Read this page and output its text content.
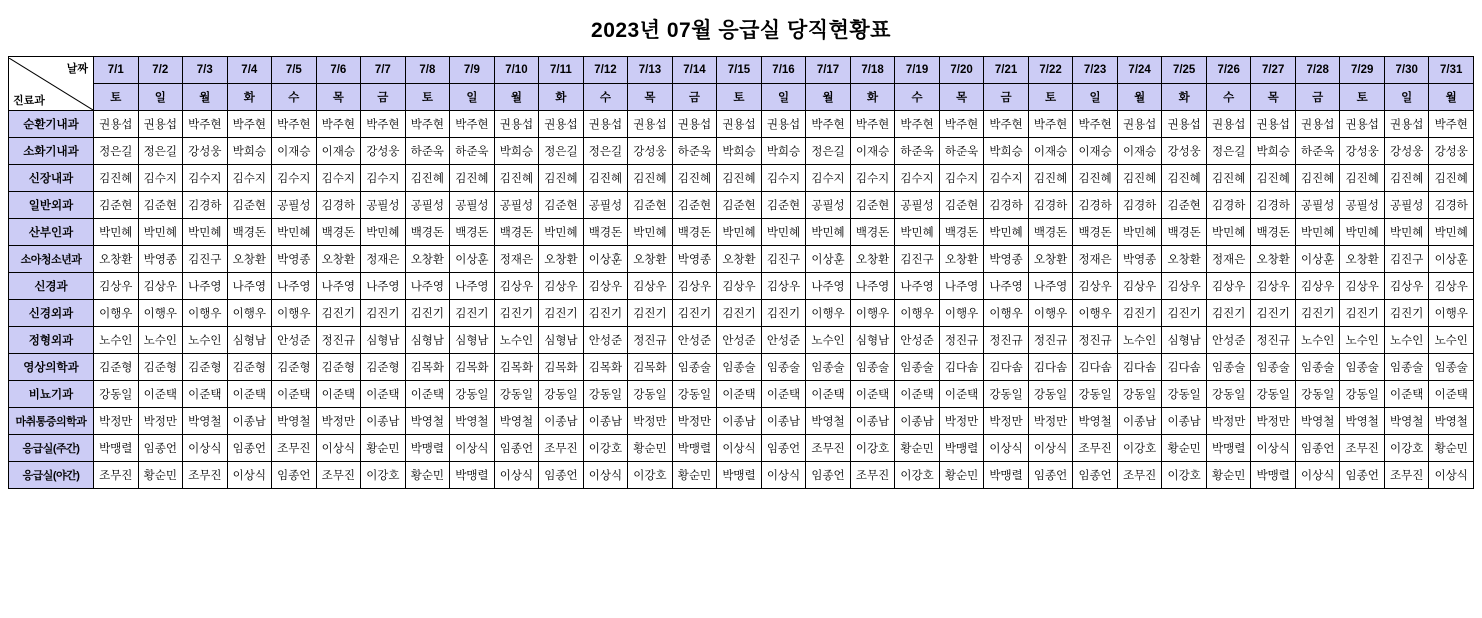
2023년 07월 응급실 당직현황표
날짜
진료과	7/1	7/2	7/3	7/4	7/5	7/6	7/7	7/8	7/9	7/10	7/11	7/12	7/13	7/14	7/15	7/16	7/17	7/18	7/19	7/20	7/21	7/22	7/23	7/24	7/25	7/26	7/27	7/28	7/29	7/30	7/31
	토	일	월	화	수	목	금	토	일	월	화	수	목	금	토	일	월	화	수	목	금	토	일	월	화	수	목	금	토	일	월
순환기내과	권용섭	권용섭	박주현	박주현	박주현	박주현	박주현	박주현	박주현	권용섭	권용섭	권용섭	권용섭	권용섭	권용섭	권용섭	박주현	박주현	박주현	박주현	박주현	박주현	박주현	권용섭	권용섭	권용섭	권용섭	권용섭	권용섭	권용섭	박주현
소화기내과	정은길	정은길	강성웅	박희승	이재승	이재승	강성웅	하준욱	하준욱	박희승	정은길	정은길	강성웅	하준욱	박희승	박희승	정은길	이재승	하준욱	하준욱	박희승	이재승	이재승	이재승	강성웅	정은길	박희승	하준욱	강성웅	강성웅	강성웅
신장내과	김진혜	김수지	김수지	김수지	김수지	김수지	김수지	김진혜	김진혜	김진혜	김진혜	김진혜	김진혜	김진혜	김진혜	김수지	김수지	김수지	김수지	김수지	김수지	김진혜	김진혜	김진혜	김진혜	김진혜	김진혜	김진혜	김진혜	김진혜	김진혜
일반외과	김준현	김준현	김경하	김준현	공필성	김경하	공필성	공필성	공필성	공필성	김준현	공필성	김준현	김준현	김준현	김준현	공필성	김준현	공필성	김준현	김경하	김경하	김경하	김경하	김준현	김경하	김경하	공필성	공필성	공필성	김경하
산부인과	박민혜	박민혜	박민혜	백경돈	박민혜	백경돈	박민혜	백경돈	백경돈	백경돈	박민혜	백경돈	박민혜	백경돈	박민혜	박민혜	박민혜	백경돈	박민혜	백경돈	박민혜	백경돈	백경돈	박민혜	백경돈	박민혜	백경돈	박민혜	박민혜	박민혜	박민혜
소아청소년과	오창환	박영종	김진구	오창환	박영종	오창환	정재은	오창환	이상훈	정재은	오창환	이상훈	오창환	박영종	오창환	김진구	이상훈	오창환	김진구	오창환	박영종	오창환	정재은	박영종	오창환	정재은	오창환	이상훈	오창환	김진구	이상훈
신경과	김상우	김상우	나주영	나주영	나주영	나주영	나주영	나주영	나주영	김상우	김상우	김상우	김상우	김상우	김상우	김상우	나주영	나주영	나주영	나주영	나주영	나주영	김상우	김상우	김상우	김상우	김상우	김상우	김상우	김상우	김상우
신경외과	이행우	이행우	이행우	이행우	이행우	김진기	김진기	김진기	김진기	김진기	김진기	김진기	김진기	김진기	김진기	김진기	이행우	이행우	이행우	이행우	이행우	이행우	이행우	김진기	김진기	김진기	김진기	김진기	김진기	김진기	이행우
정형외과	노수인	노수인	노수인	심형남	안성준	정진규	심형남	심형남	심형남	노수인	심형남	안성준	정진규	안성준	안성준	안성준	노수인	심형남	안성준	정진규	정진규	정진규	정진규	노수인	심형남	안성준	정진규	노수인	노수인	노수인	노수인
영상의학과	김준형	김준형	김준형	김준형	김준형	김준형	김준형	김목화	김목화	김목화	김목화	김목화	김목화	임종술	임종술	임종술	임종술	임종술	임종술	김다솜	김다솜	김다솜	김다솜	김다솜	김다솜	임종술	임종술	임종술	임종술	임종술	임종술
비뇨기과	강동일	이준택	이준택	이준택	이준택	이준택	이준택	이준택	강동일	강동일	강동일	강동일	강동일	강동일	이준택	이준택	이준택	이준택	이준택	이준택	강동일	강동일	강동일	강동일	강동일	강동일	강동일	강동일	강동일	이준택	이준택
마취통증의학과	박정만	박정만	박영철	이종남	박영철	박정만	이종남	박영철	박영철	박영철	이종남	이종남	박정만	박정만	이종남	이종남	박영철	이종남	이종남	박정만	박정만	박정만	박영철	이종남	이종남	박정만	박정만	박영철	박영철	박영철	박영철
응급실(주간)	박맹렬	임종언	이상식	임종언	조무진	이상식	황순민	박맹렬	이상식	임종언	조무진	이강호	황순민	박맹렬	이상식	임종언	조무진	이강호	황순민	박맹렬	이상식	이상식	조무진	이강호	황순민	박맹렬	이상식	임종언	조무진	이강호	황순민
응급실(야간)	조무진	황순민	조무진	이상식	임종언	조무진	이강호	황순민	박맹렬	이상식	임종언	이상식	이강호	황순민	박맹렬	이상식	임종언	조무진	이강호	황순민	박맹렬	임종언	임종언	조무진	이강호	황순민	박맹렬	이상식	임종언	조무진	이상식
